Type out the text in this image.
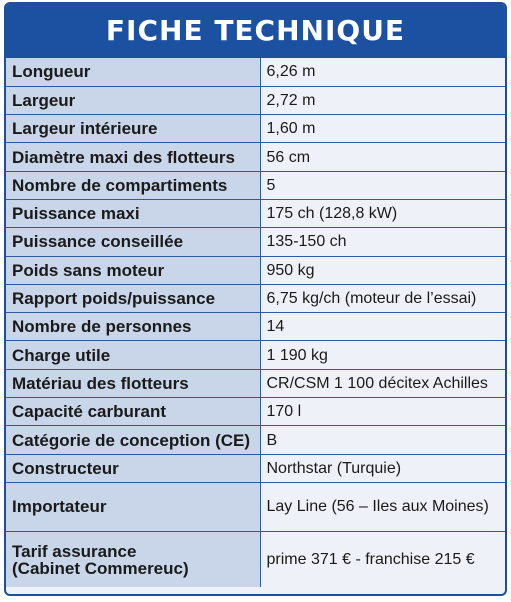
FICHE TECHNIQUE
Longueur	6,26 m
Largeur	2,72 m
Largeur intérieure	1,60 m
Diamètre maxi des flotteurs	56 cm
Nombre de compartiments	5
Puissance maxi	175 ch (128,8 kW)
Puissance conseillée	135-150 ch
Poids sans moteur	950 kg
Rapport poids/puissance	6,75 kg/ch (moteur de l’essai)
Nombre de personnes	14
Charge utile	1 190 kg
Matériau des flotteurs	CR/CSM 1 100 décitex Achilles
Capacité carburant	170 l
Catégorie de conception (CE)	B
Constructeur	Northstar (Turquie)
Importateur	Lay Line (56 – Iles aux Moines)
Tarif assurance
(Cabinet Commereuc)	prime 371 € - franchise 215 €
